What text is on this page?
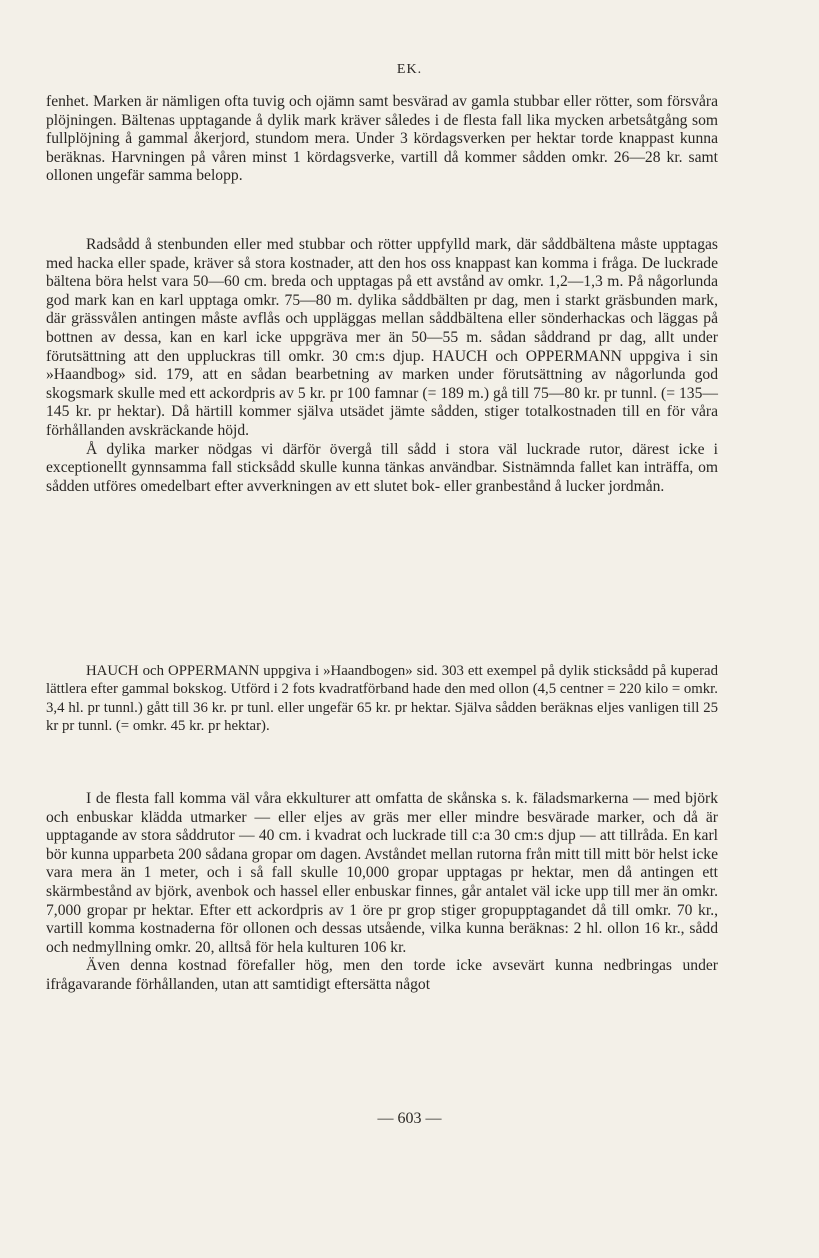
EK.

fenhet. Marken är nämligen ofta tuvig och ojämn samt besvärad av gamla stubbar eller rötter, som försvåra plöjningen. Bältenas upptagande å dylik mark kräver således i de flesta fall lika mycken arbetsåtgång som fullplöjning å gammal åkerjord, stundom mera. Under 3 kördagsverken per hektar torde knappast kunna beräknas. Harvningen på våren minst 1 kördagsverke, vartill då kommer sådden omkr. 26—28 kr. samt ollonen ungefär samma belopp.

Radsådd å stenbunden eller med stubbar och rötter uppfylld mark, där såddbältena måste upptagas med hacka eller spade, kräver så stora kostnader, att den hos oss knappast kan komma i fråga. De luckrade bältena böra helst vara 50—60 cm. breda och upptagas på ett avstånd av omkr. 1,2—1,3 m. På någorlunda god mark kan en karl upptaga omkr. 75—80 m. dylika såddbälten pr dag, men i starkt gräsbunden mark, där grässvålen antingen måste avflås och uppläggas mellan såddbältena eller sönderhackas och läggas på bottnen av dessa, kan en karl icke uppgräva mer än 50—55 m. sådan såddrand pr dag, allt under förutsättning att den uppluckras till omkr. 30 cm:s djup. HAUCH och OPPERMANN uppgiva i sin »Haandbog» sid. 179, att en sådan bearbetning av marken under förutsättning av någorlunda god skogsmark skulle med ett ackordpris av 5 kr. pr 100 famnar (= 189 m.) gå till 75—80 kr. pr tunnl. (= 135—145 kr. pr hektar). Då härtill kommer själva utsädet jämte sådden, stiger totalkostnaden till en för våra förhållanden avskräckande höjd.

Å dylika marker nödgas vi därför övergå till sådd i stora väl luckrade rutor, därest icke i exceptionellt gynnsamma fall sticksådd skulle kunna tänkas användbar. Sistnämnda fallet kan inträffa, om sådden utföres omedelbart efter avverkningen av ett slutet bok- eller granbestånd å lucker jordmån.

HAUCH och OPPERMANN uppgiva i »Haandbogen» sid. 303 ett exempel på dylik sticksådd på kuperad lättlera efter gammal bokskog. Utförd i 2 fots kvadratförband hade den med ollon (4,5 centner = 220 kilo = omkr. 3,4 hl. pr tunnl.) gått till 36 kr. pr tunl. eller ungefär 65 kr. pr hektar. Själva sådden beräknas eljes vanligen till 25 kr pr tunnl. (= omkr. 45 kr. pr hektar).

I de flesta fall komma väl våra ekkulturer att omfatta de skånska s. k. fäladsmarkerna — med björk och enbuskar klädda utmarker — eller eljes av gräs mer eller mindre besvärade marker, och då är upptagande av stora såddrutor — 40 cm. i kvadrat och luckrade till c:a 30 cm:s djup — att tillråda. En karl bör kunna upparbeta 200 sådana gropar om dagen. Avståndet mellan rutorna från mitt till mitt bör helst icke vara mera än 1 meter, och i så fall skulle 10,000 gropar upptagas pr hektar, men då antingen ett skärmbestånd av björk, avenbok och hassel eller enbuskar finnes, går antalet väl icke upp till mer än omkr. 7,000 gropar pr hektar. Efter ett ackordpris av 1 öre pr grop stiger gropupptagandet då till omkr. 70 kr., vartill komma kostnaderna för ollonen och dessas utsående, vilka kunna beräknas: 2 hl. ollon 16 kr., sådd och nedmyllning omkr. 20, alltså för hela kulturen 106 kr.

Även denna kostnad förefaller hög, men den torde icke avsevärt kunna nedbringas under ifrågavarande förhållanden, utan att samtidigt eftersätta något

— 603 —
